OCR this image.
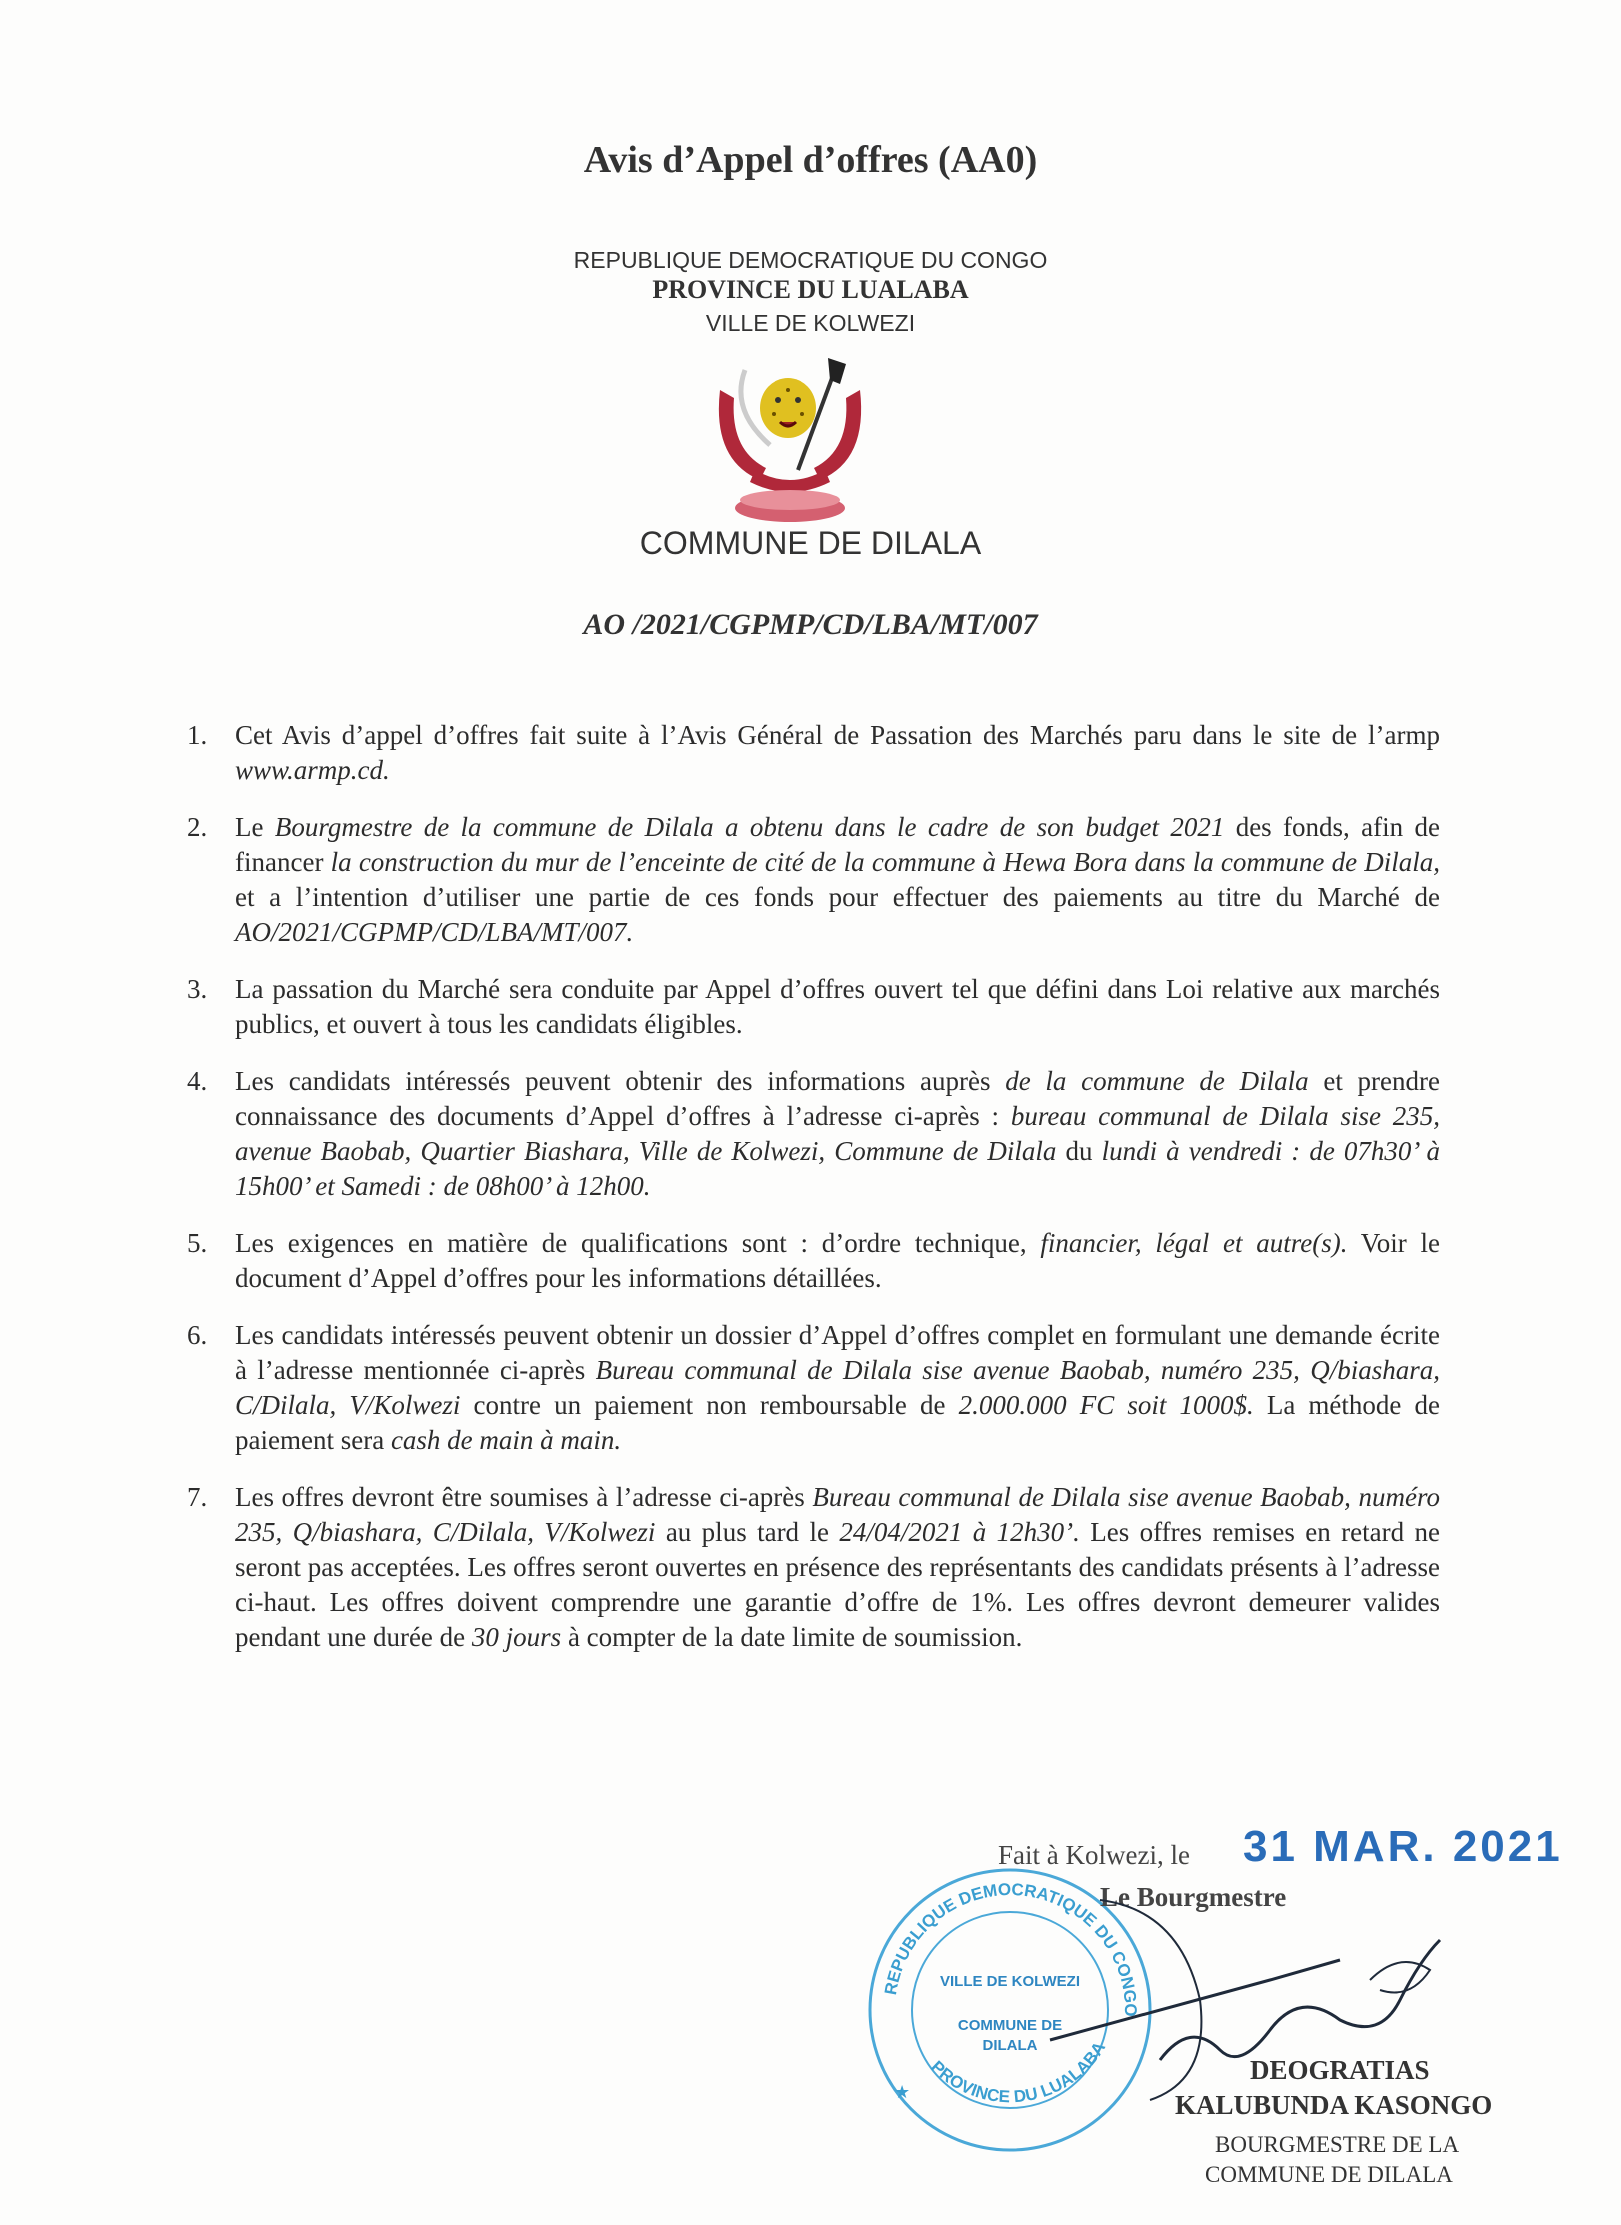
Avis d’Appel d’offres (AA0)
REPUBLIQUE DEMOCRATIQUE DU CONGO
PROVINCE DU LUALABA
VILLE DE KOLWEZI
COMMUNE DE DILALA
AO /2021/CGPMP/CD/LBA/MT/007
1. Cet Avis d’appel d’offres fait suite à l’Avis Général de Passation des Marchés paru dans le site de l’armp www.armp.cd.
2. Le Bourgmestre de la commune de Dilala a obtenu dans le cadre de son budget 2021 des fonds, afin de financer la construction du mur de l’enceinte de cité de la commune à Hewa Bora dans la commune de Dilala, et a l’intention d’utiliser une partie de ces fonds pour effectuer des paiements au titre du Marché de AO/2021/CGPMP/CD/LBA/MT/007.
3. La passation du Marché sera conduite par Appel d’offres ouvert tel que défini dans Loi relative aux marchés publics, et ouvert à tous les candidats éligibles.
4. Les candidats intéressés peuvent obtenir des informations auprès de la commune de Dilala et prendre connaissance des documents d’Appel d’offres à l’adresse ci-après : bureau communal de Dilala sise 235, avenue Baobab, Quartier Biashara, Ville de Kolwezi, Commune de Dilala du lundi à vendredi : de 07h30’ à 15h00’ et Samedi : de 08h00’ à 12h00.
5. Les exigences en matière de qualifications sont : d’ordre technique, financier, légal et autre(s). Voir le document d’Appel d’offres pour les informations détaillées.
6. Les candidats intéressés peuvent obtenir un dossier d’Appel d’offres complet en formulant une demande écrite à l’adresse mentionnée ci-après Bureau communal de Dilala sise avenue Baobab, numéro 235, Q/biashara, C/Dilala, V/Kolwezi contre un paiement non remboursable de 2.000.000 FC soit 1000$. La méthode de paiement sera cash de main à main.
7. Les offres devront être soumises à l’adresse ci-après Bureau communal de Dilala sise avenue Baobab, numéro 235, Q/biashara, C/Dilala, V/Kolwezi au plus tard le 24/04/2021 à 12h30’. Les offres remises en retard ne seront pas acceptées. Les offres seront ouvertes en présence des représentants des candidats présents à l’adresse ci-haut. Les offres doivent comprendre une garantie d’offre de 1%. Les offres devront demeurer valides pendant une durée de 30 jours à compter de la date limite de soumission.
REPUBLIQUE DEMOCRATIQUE DU CONGO
PROVINCE DU LUALABA
VILLE DE KOLWEZI
COMMUNE DE
DILALA
★
Fait à Kolwezi, le 31 MAR. 2021
Le Bourgmestre
DEOGRATIAS
KALUBUNDA KASONGO
BOURGMESTRE DE LA
COMMUNE DE DILALA
